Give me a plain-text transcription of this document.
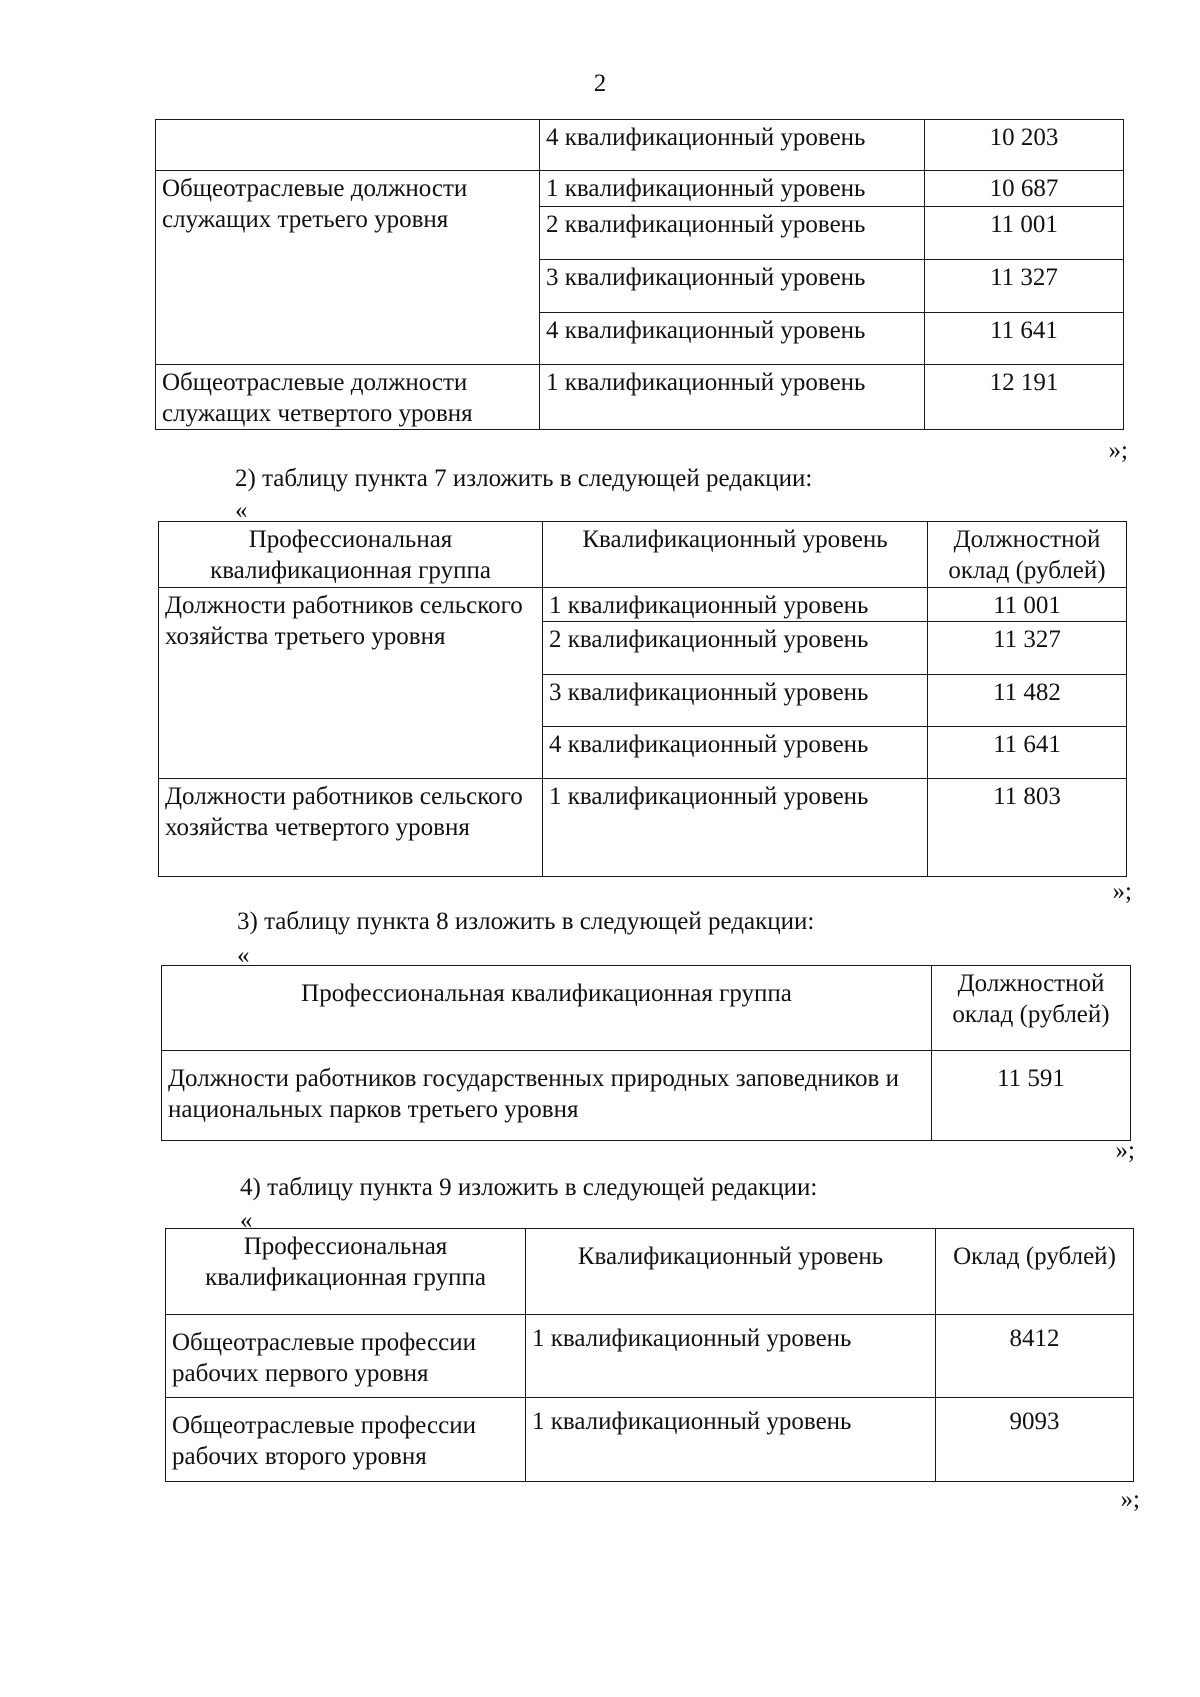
2
	4 квалификационный уровень	10 203
Общеотраслевые должности служащих третьего уровня	1 квалификационный уровень	10 687
	2 квалификационный уровень	11 001
	3 квалификационный уровень	11 327
	4 квалификационный уровень	11 641
Общеотраслевые должности служащих четвертого уровня	1 квалификационный уровень	12 191
»;
2) таблицу пункта 7 изложить в следующей редакции:
«
Профессиональная квалификационная группа	Квалификационный уровень	Должностной оклад (рублей)
Должности работников сельского хозяйства третьего уровня	1 квалификационный уровень	11 001
	2 квалификационный уровень	11 327
	3 квалификационный уровень	11 482
	4 квалификационный уровень	11 641
Должности работников сельского хозяйства четвертого уровня	1 квалификационный уровень	11 803
»;
3) таблицу пункта 8 изложить в следующей редакции:
«
Профессиональная квалификационная группа	Должностной оклад (рублей)
Должности работников государственных природных заповедников и национальных парков третьего уровня	11 591
»;
4) таблицу пункта 9 изложить в следующей редакции:
«
Профессиональная квалификационная группа	Квалификационный уровень	Оклад (рублей)
Общеотраслевые профессии рабочих первого уровня	1 квалификационный уровень	8412
Общеотраслевые профессии рабочих второго уровня	1 квалификационный уровень	9093
»;
